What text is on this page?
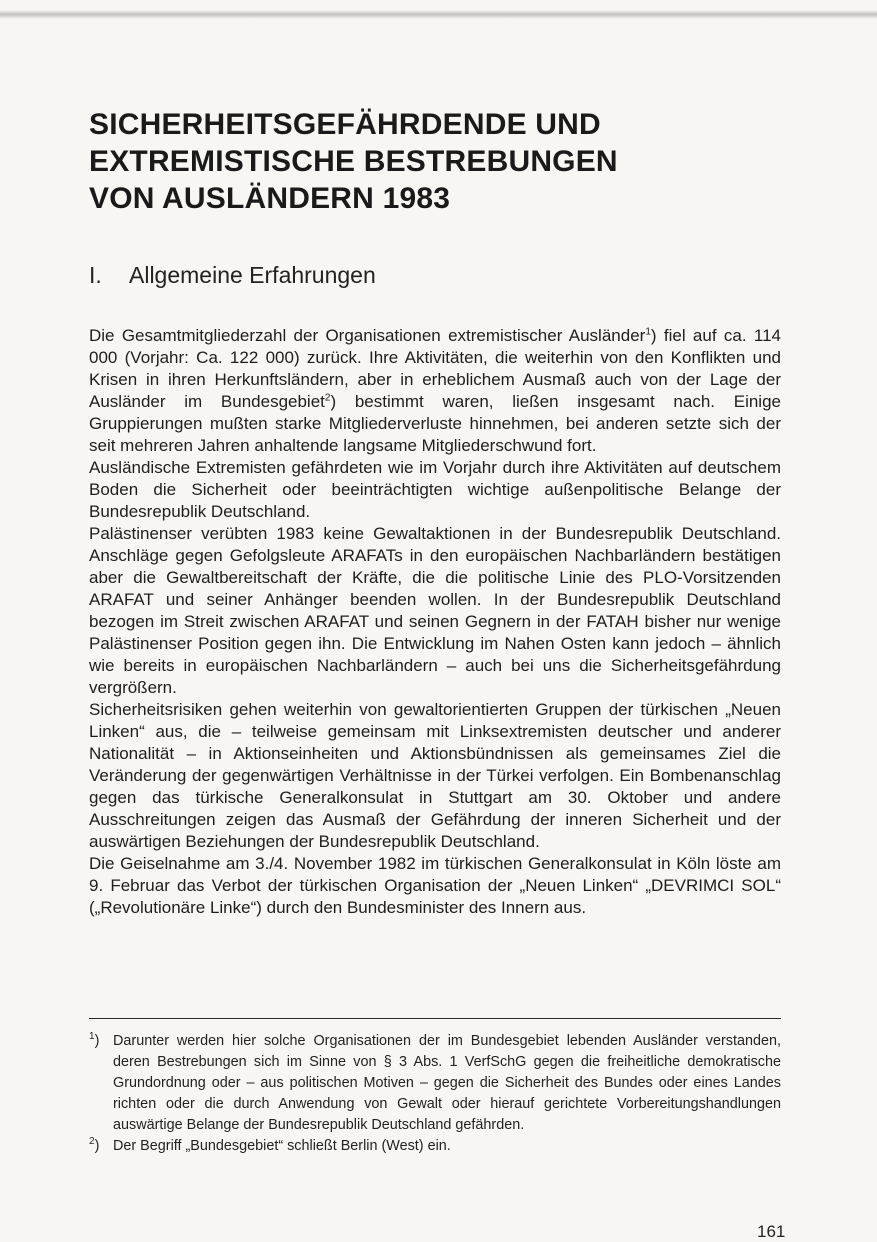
SICHERHEITSGEFÄHRDENDE UND
EXTREMISTISCHE BESTREBUNGEN
VON AUSLÄNDERN 1983
I. Allgemeine Erfahrungen

Die Gesamtmitgliederzahl der Organisationen extremistischer Ausländer$^1$) fiel auf ca. 114 000 (Vorjahr: Ca. 122 000) zurück. Ihre Aktivitäten, die weiterhin von den Konflikten und Krisen in ihren Herkunftsländern, aber in erheblichem Ausmaß auch von der Lage der Ausländer im Bundesgebiet$^2$) bestimmt waren, ließen insgesamt nach. Einige Gruppierungen mußten starke Mitgliederverluste hinnehmen, bei anderen setzte sich der seit mehreren Jahren anhaltende langsame Mitgliederschwund fort.

Ausländische Extremisten gefährdeten wie im Vorjahr durch ihre Aktivitäten auf deutschem Boden die Sicherheit oder beeinträchtigten wichtige außenpolitische Belange der Bundesrepublik Deutschland.

Palästinenser verübten 1983 keine Gewaltaktionen in der Bundesrepublik Deutschland. Anschläge gegen Gefolgsleute ARAFATs in den europäischen Nachbarländern bestätigen aber die Gewaltbereitschaft der Kräfte, die die politische Linie des PLO-Vorsitzenden ARAFAT und seiner Anhänger beenden wollen. In der Bundesrepublik Deutschland bezogen im Streit zwischen ARAFAT und seinen Gegnern in der FATAH bisher nur wenige Palästinenser Position gegen ihn. Die Entwicklung im Nahen Osten kann jedoch – ähnlich wie bereits in europäischen Nachbarländern – auch bei uns die Sicherheitsgefährdung vergrößern.

Sicherheitsrisiken gehen weiterhin von gewaltorientierten Gruppen der türkischen „Neuen Linken“ aus, die – teilweise gemeinsam mit Linksextremisten deutscher und anderer Nationalität – in Aktionseinheiten und Aktionsbündnissen als gemeinsames Ziel die Veränderung der gegenwärtigen Verhältnisse in der Türkei verfolgen. Ein Bombenanschlag gegen das türkische Generalkonsulat in Stuttgart am 30. Oktober und andere Ausschreitungen zeigen das Ausmaß der Gefährdung der inneren Sicherheit und der auswärtigen Beziehungen der Bundesrepublik Deutschland.

Die Geiselnahme am 3./4. November 1982 im türkischen Generalkonsulat in Köln löste am 9. Februar das Verbot der türkischen Organisation der „Neuen Linken“ „DEVRIMCI SOL“ („Revolutionäre Linke“) durch den Bundesminister des Innern aus.

$^1$) Darunter werden hier solche Organisationen der im Bundesgebiet lebenden Ausländer verstanden, deren Bestrebungen sich im Sinne von § 3 Abs. 1 VerfSchG gegen die freiheitliche demokratische Grundordnung oder – aus politischen Motiven – gegen die Sicherheit des Bundes oder eines Landes richten oder die durch Anwendung von Gewalt oder hierauf gerichtete Vorbereitungshandlungen auswärtige Belange der Bundesrepublik Deutschland gefährden.
$^2$) Der Begriff „Bundesgebiet“ schließt Berlin (West) ein.
161
